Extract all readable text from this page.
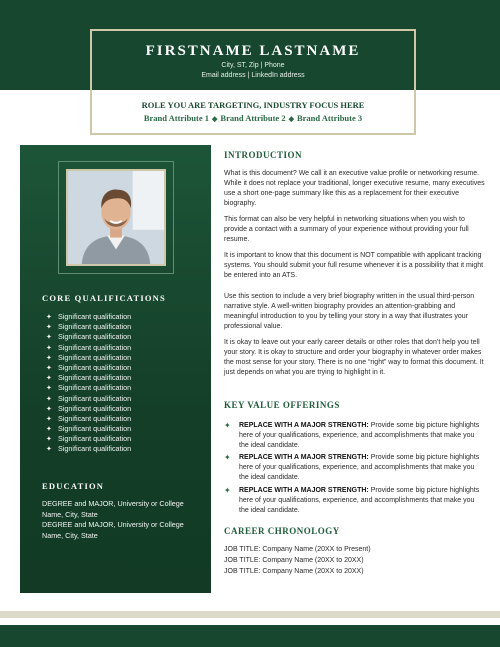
FIRSTNAME LASTNAME
City, ST, Zip | Phone
Email address | LinkedIn address
ROLE YOU ARE TARGETING, INDUSTRY FOCUS HERE
Brand Attribute 1 ◆ Brand Attribute 2 ◆ Brand Attribute 3
CORE QUALIFICATIONS
✦ Significant qualification
✦ Significant qualification
✦ Significant qualification
✦ Significant qualification
✦ Significant qualification
✦ Significant qualification
✦ Significant qualification
✦ Significant qualification
✦ Significant qualification
✦ Significant qualification
✦ Significant qualification
✦ Significant qualification
✦ Significant qualification
✦ Significant qualification
EDUCATION
DEGREE and MAJOR, University or College
Name, City, State
DEGREE and MAJOR, University or College
Name, City, State
INTRODUCTION

What is this document? We call it an executive value profile or networking resume. While it does not replace your traditional, longer executive resume, many executives use a short one-page summary like this as a replacement for their executive biography.

This format can also be very helpful in networking situations when you wish to provide a contact with a summary of your experience without providing your full resume.

It is important to know that this document is NOT compatible with applicant tracking systems. You should submit your full resume whenever it is a possibility that it might be entered into an ATS.

Use this section to include a very brief biography written in the usual third-person narrative style. A well-written biography provides an attention-grabbing and meaningful introduction to you by telling your story in a way that illustrates your professional value.

It is okay to leave out your early career details or other roles that don’t help you tell your story. It is okay to structure and order your biography in whatever order makes the most sense for your story. There is no one “right” way to format this document. It just depends on what you are trying to highlight in it.

KEY VALUE OFFERINGS
✦ REPLACE WITH A MAJOR STRENGTH: Provide some big picture highlights here of your qualifications, experience, and accomplishments that make you the ideal candidate.
✦ REPLACE WITH A MAJOR STRENGTH: Provide some big picture highlights here of your qualifications, experience, and accomplishments that make you the ideal candidate.
✦ REPLACE WITH A MAJOR STRENGTH: Provide some big picture highlights here of your qualifications, experience, and accomplishments that make you the ideal candidate.
CAREER CHRONOLOGY
JOB TITLE: Company Name (20XX to Present)
JOB TITLE: Company Name (20XX to 20XX)
JOB TITLE: Company Name (20XX to 20XX)
